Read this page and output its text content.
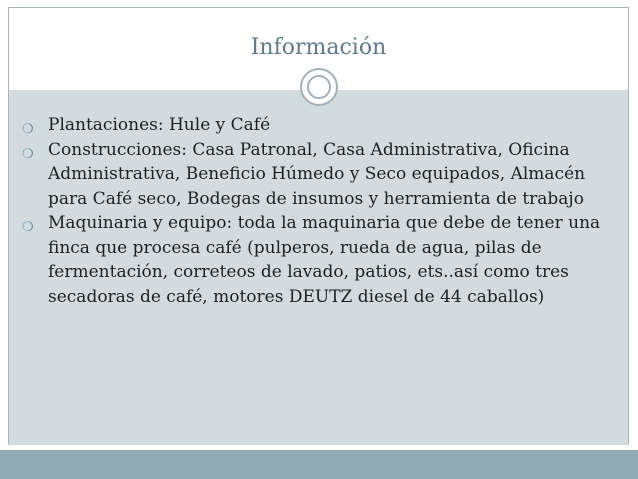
Información
❍ Plantaciones: Hule y Café
❍ Construcciones: Casa Patronal, Casa Administrativa, Oficina Administrativa, Beneficio Húmedo y Seco equipados, Almacén para Café seco, Bodegas de insumos y herramienta de trabajo
❍ Maquinaria y equipo: toda la maquinaria que debe de tener una finca que procesa café (pulperos, rueda de agua, pilas de fermentación, correteos de lavado, patios, ets..así como tres secadoras de café, motores DEUTZ diesel de 44 caballos)
